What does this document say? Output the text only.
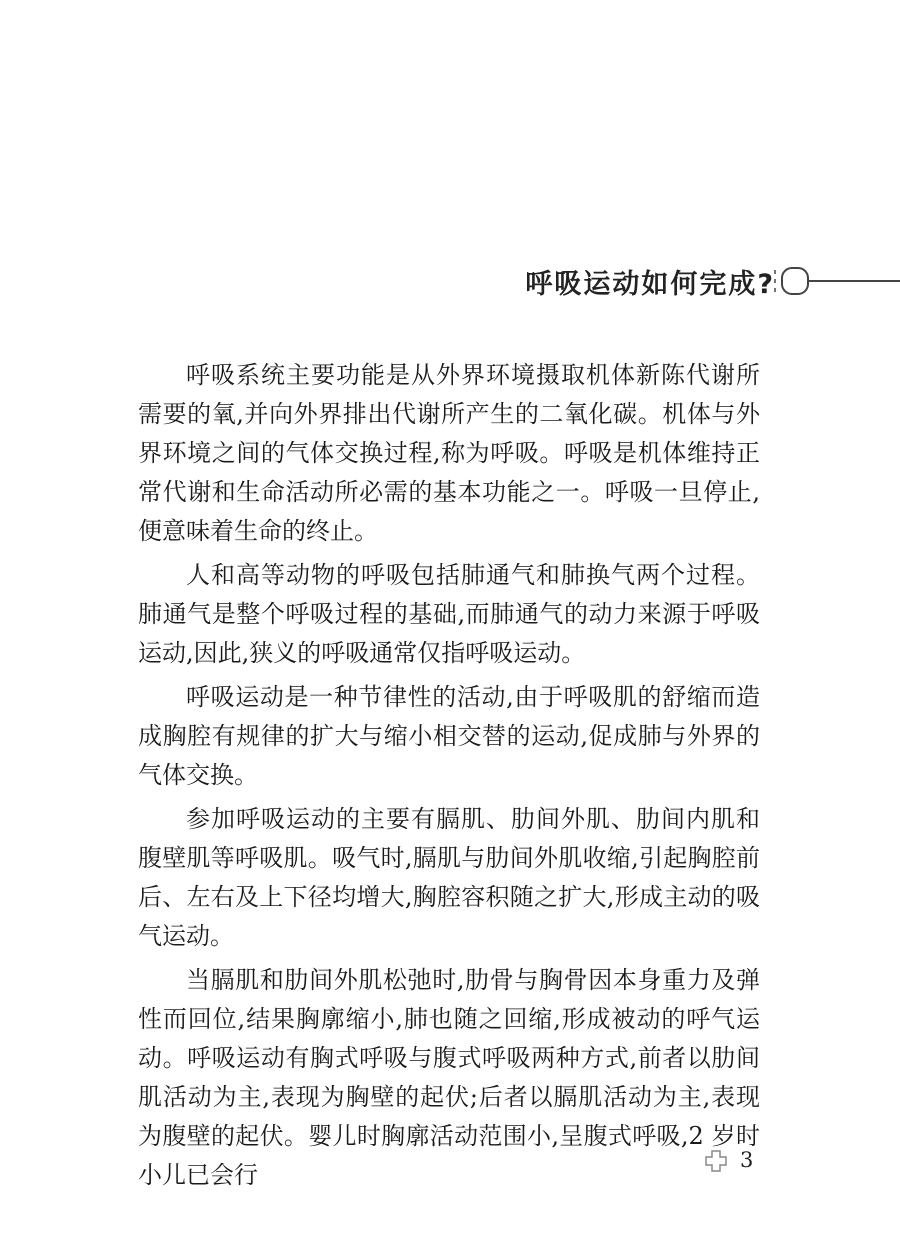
呼吸运动如何完成?

呼吸系统主要功能是从外界环境摄取机体新陈代谢所需要的氧,并向外界排出代谢所产生的二氧化碳。机体与外界环境之间的气体交换过程,称为呼吸。呼吸是机体维持正常代谢和生命活动所必需的基本功能之一。呼吸一旦停止,便意味着生命的终止。

人和高等动物的呼吸包括肺通气和肺换气两个过程。肺通气是整个呼吸过程的基础,而肺通气的动力来源于呼吸运动,因此,狭义的呼吸通常仅指呼吸运动。

呼吸运动是一种节律性的活动,由于呼吸肌的舒缩而造成胸腔有规律的扩大与缩小相交替的运动,促成肺与外界的气体交换。

参加呼吸运动的主要有膈肌、肋间外肌、肋间内肌和腹壁肌等呼吸肌。吸气时,膈肌与肋间外肌收缩,引起胸腔前后、左右及上下径均增大,胸腔容积随之扩大,形成主动的吸气运动。

当膈肌和肋间外肌松弛时,肋骨与胸骨因本身重力及弹性而回位,结果胸廓缩小,肺也随之回缩,形成被动的呼气运动。呼吸运动有胸式呼吸与腹式呼吸两种方式,前者以肋间肌活动为主,表现为胸壁的起伏;后者以膈肌活动为主,表现为腹壁的起伏。婴儿时胸廓活动范围小,呈腹式呼吸,2 岁时小儿已会行

3
